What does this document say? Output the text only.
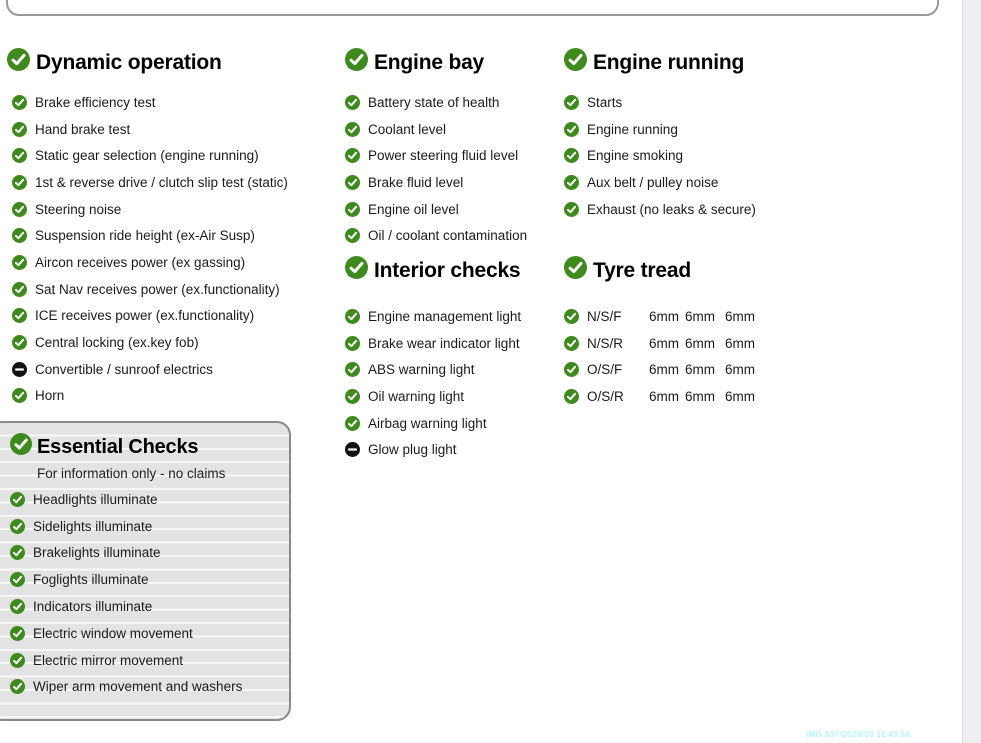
Dynamic operation
Brake efficiency test
Hand brake test
Static gear selection (engine running)
1st & reverse drive / clutch slip test (static)
Steering noise
Suspension ride height (ex-Air Susp)
Aircon receives power (ex gassing)
Sat Nav receives power (ex.functionality)
ICE receives power (ex.functionality)
Central locking (ex.key fob)
Convertible / sunroof electrics
Horn
Engine bay
Battery state of health
Coolant level
Power steering fluid level
Brake fluid level
Engine oil level
Oil / coolant contamination
Engine running
Starts
Engine running
Engine smoking
Aux belt / pulley noise
Exhaust (no leaks & secure)
Interior checks
Engine management light
Brake wear indicator light
ABS warning light
Oil warning light
Airbag warning light
Glow plug light
Tyre tread
N/S/F	6mm 6mm 6mm
N/S/R	6mm 6mm 6mm
O/S/F	6mm 6mm 6mm
O/S/R	6mm 6mm 6mm
Essential Checks
For information only - no claims
Headlights illuminate
Sidelights illuminate
Brakelights illuminate
Foglights illuminate
Indicators illuminate
Electric window movement
Electric mirror movement
Wiper arm movement and washers
IMG 637/2023/03 11:43:56
